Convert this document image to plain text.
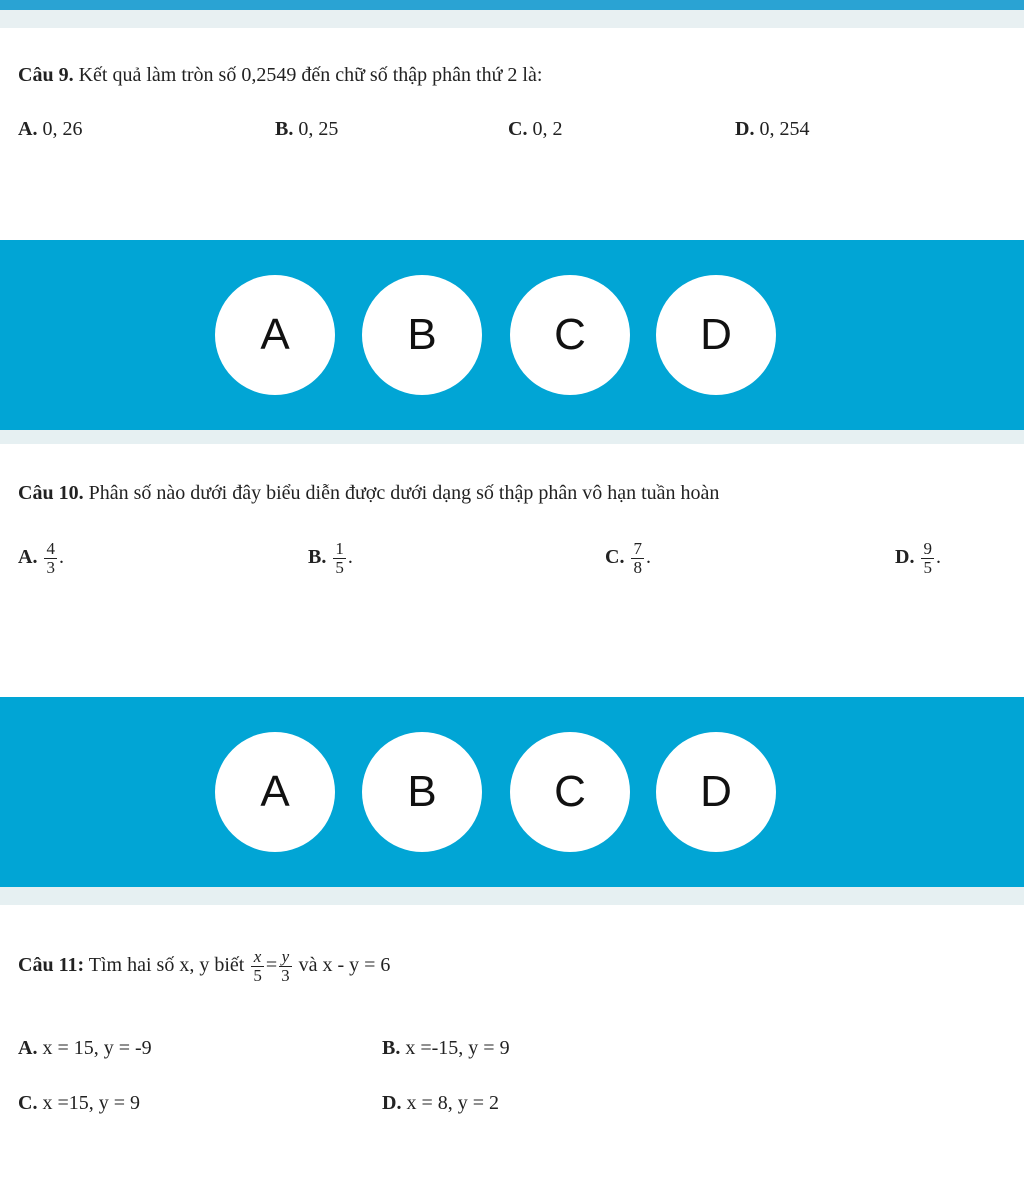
Câu 9. Kết quả làm tròn số 0,2549 đến chữ số thập phân thứ 2 là:
A. 0, 26	B. 0, 25	C. 0, 2	D. 0, 254
A	B	C	D
Câu 10. Phân số nào dưới đây biểu diễn được dưới dạng số thập phân vô hạn tuần hoàn
A. $\frac{4}{3}$ .	B. $\frac{1}{5}$ .	C. $\frac{7}{8}$ .	D. $\frac{9}{5}$ .
A	B	C	D
Câu 11: Tìm hai số x, y biết $\frac{x}{5} = \frac{y}{3}$ và x - y = 6
A. x = 15, y = -9	B. x =-15, y = 9
C. x =15, y = 9	D. x = 8, y = 2
